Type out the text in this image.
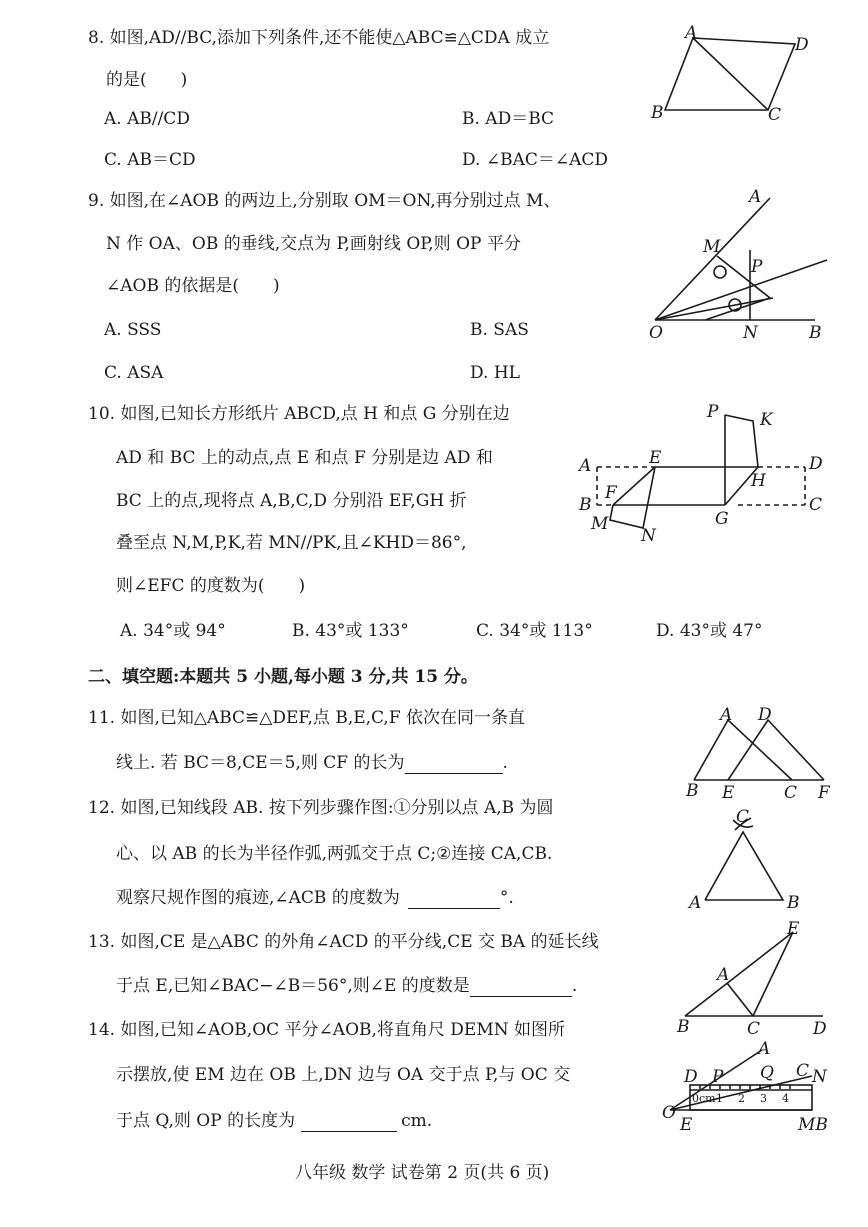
8. 如图,AD//BC,添加下列条件,还不能使△ABC≌△CDA 成立
的是(　　)
A. AB//CD	B. AD＝BC
C. AB＝CD	D. ∠BAC＝∠ACD
A
D
B	C
9. 如图,在∠AOB 的两边上,分别取 OM＝ON,再分别过点 M、
N 作 OA、OB 的垂线,交点为 P,画射线 OP,则 OP 平分
∠AOB 的依据是(　　)
A. SSS	B. SAS
C. ASA	D. HL
A
M
P
O	N	B
10. 如图,已知长方形纸片 ABCD,点 H 和点 G 分别在边
AD 和 BC 上的动点,点 E 和点 F 分别是边 AD 和
BC 上的点,现将点 A,B,C,D 分别沿 EF,GH 折
叠至点 N,M,P,K,若 MN//PK,且∠KHD＝86°,
则∠EFC 的度数为(　　)
A. 34°或 94°	B. 43°或 133°	C. 34°或 113°	D. 43°或 47°
P K
A	E	D
H
B
F
C
M	G
N
二、填空题:本题共 5 小题,每小题 3 分,共 15 分。
11. 如图,已知△ABC≌△DEF,点 B,E,C,F 依次在同一条直
线上. 若 BC＝8,CE＝5,则 CF 的长为	.
A D
B E	C F
12. 如图,已知线段 AB. 按下列步骤作图:①分别以点 A,B 为圆
心、以 AB 的长为半径作弧,两弧交于点 C;②连接 CA,CB.
观察尺规作图的痕迹,∠ACB 的度数为	°.
C
A	B
13. 如图,CE 是△ABC 的外角∠ACD 的平分线,CE 交 BA 的延长线
于点 E,已知∠BAC−∠B＝56°,则∠E 的度数是	.
E
A
B	C	D
14. 如图,已知∠AOB,OC 平分∠AOB,将直角尺 DEMN 如图所
示摆放,使 EM 边在 OB 上,DN 边与 OA 交于点 P,与 OC 交
于点 Q,则 OP 的长度为	cm.
0cm 1 2 3 4
A
D P Q C N
O
E	MB
八年级 数学 试卷第 2 页(共 6 页)
